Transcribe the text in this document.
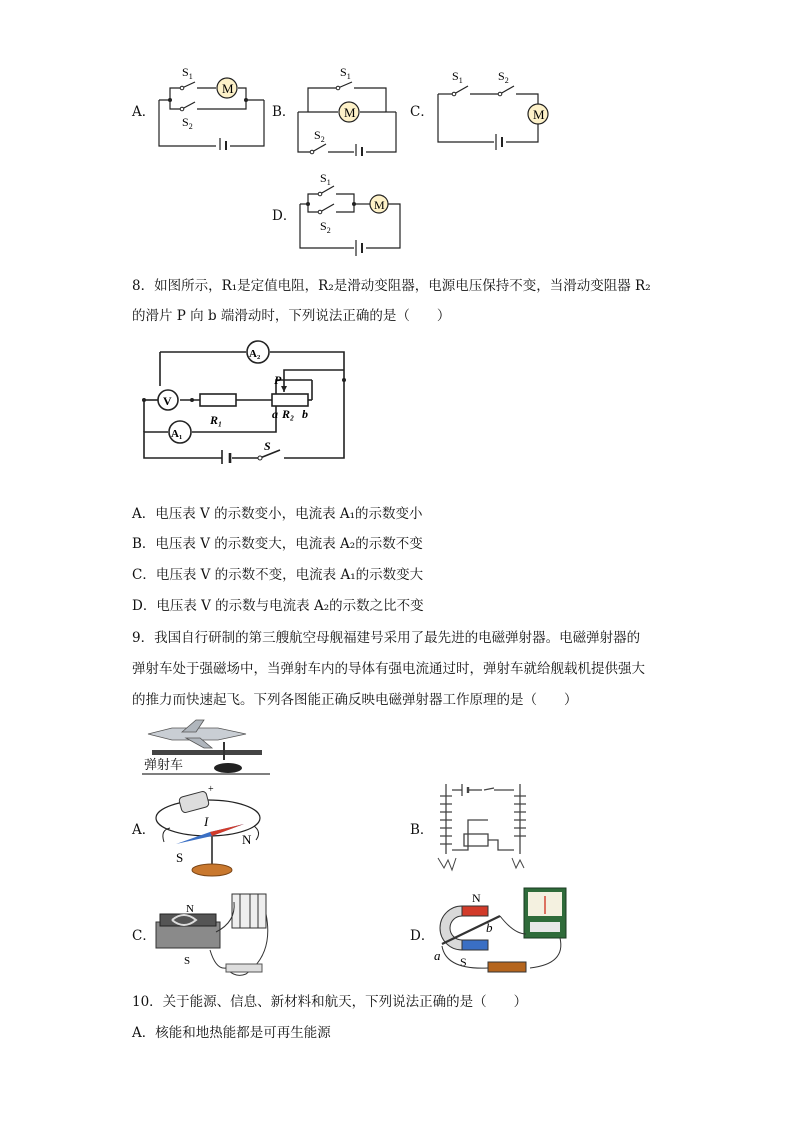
A．
M
$S_1$
$S_2$
B．	M
$S_1$
$S_2$
C．	M
$S_1$	$S_2$
D．
M
$S_1$
$S_2$
8．如图所示，R₁是定值电阻，R₂是滑动变阻器，电源电压保持不变，当滑动变阻器 R₂
的滑片 P 向 b 端滑动时，下列说法正确的是（　　）
V
A₂
A₁
R₁
P
a R₂ b
S
A．电压表 V 的示数变小，电流表 A₁的示数变小
B．电压表 V 的示数变大，电流表 A₂的示数不变
C．电压表 V 的示数不变，电流表 A₁的示数变大
D．电压表 V 的示数与电流表 A₂的示数之比不变
9．我国自行研制的第三艘航空母舰福建号采用了最先进的电磁弹射器。电磁弹射器的
弹射车处于强磁场中，当弹射车内的导体有强电流通过时，弹射车就给舰载机提供强大
的推力而快速起飞。下列各图能正确反映电磁弹射器工作原理的是（　　）
弹射车
A．
+
I
S
N
B．
C．
N
S
D．
N
S
a
b
10．关于能源、信息、新材料和航天，下列说法正确的是（　　）
A．核能和地热能都是可再生能源
